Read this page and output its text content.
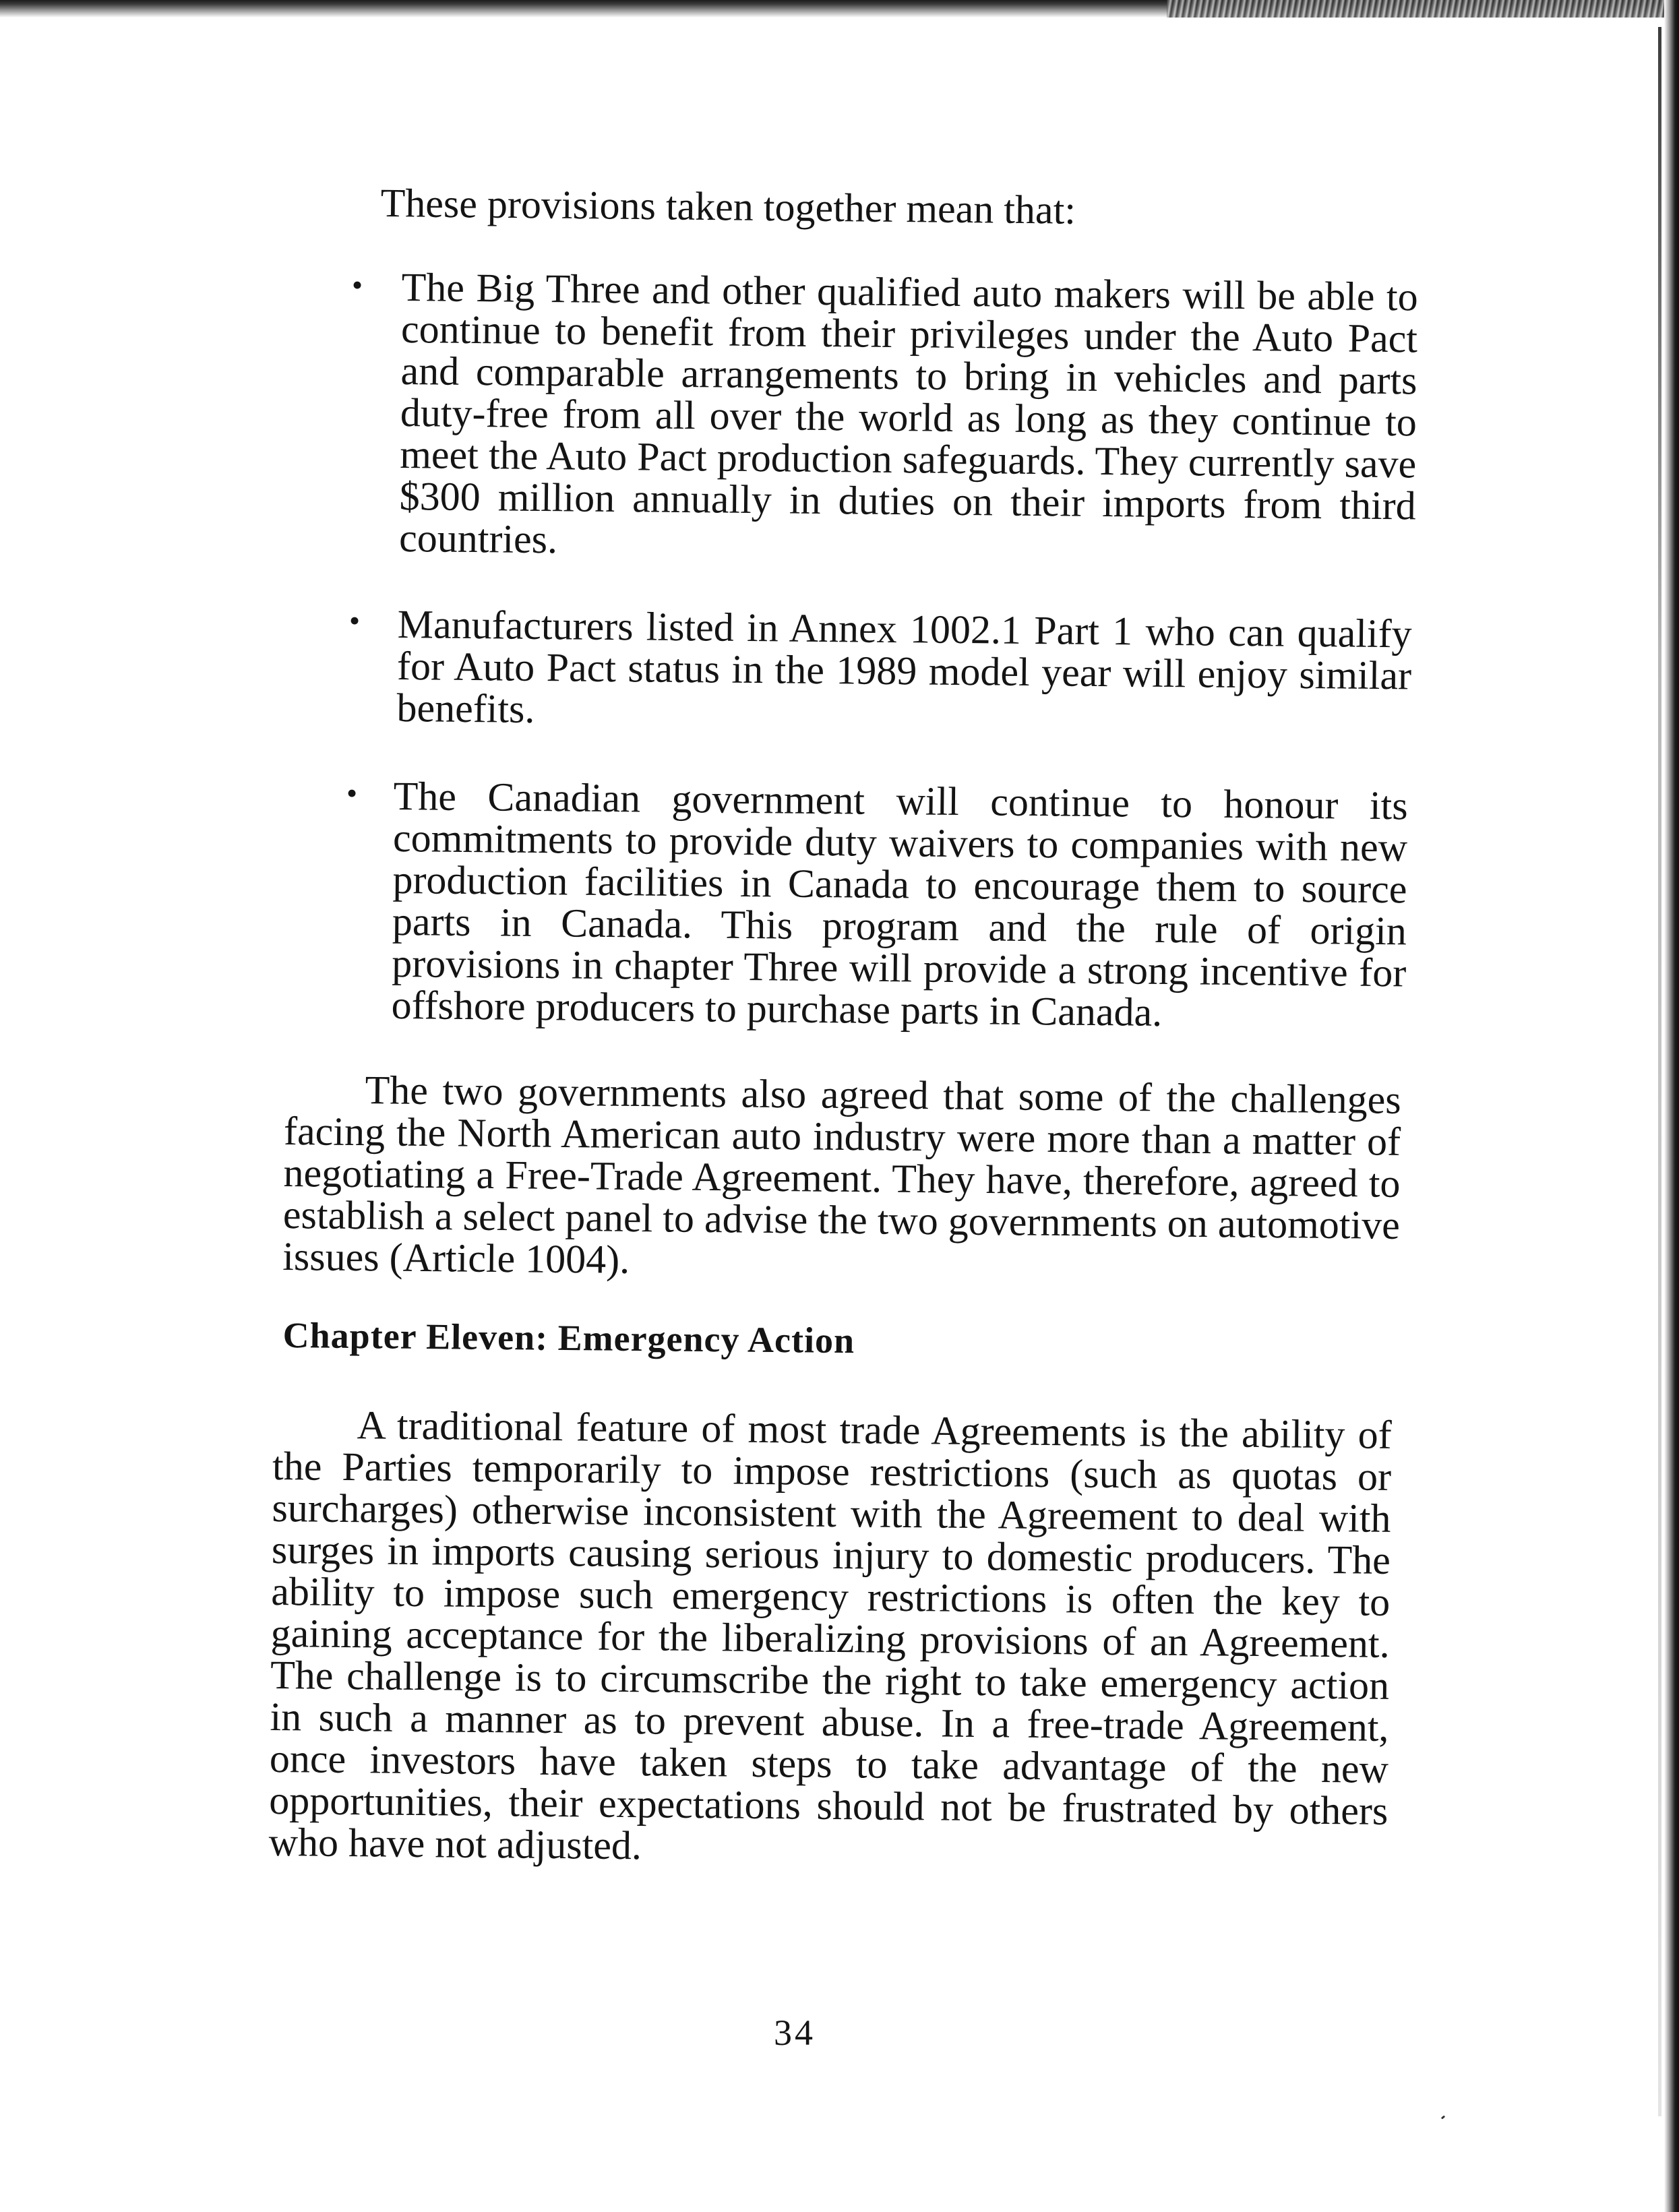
These provisions taken together mean that:

• The Big Three and other qualified auto makers will be able to continue to benefit from their privileges under the Auto Pact and comparable arrangements to bring in vehicles and parts duty-free from all over the world as long as they continue to meet the Auto Pact production safeguards. They currently save $300 million annually in duties on their imports from third countries.

• Manufacturers listed in Annex 1002.1 Part 1 who can qualify for Auto Pact status in the 1989 model year will enjoy similar benefits.

• The Canadian government will continue to honour its commitments to provide duty waivers to companies with new production facilities in Canada to encourage them to source parts in Canada. This program and the rule of origin provisions in chapter Three will provide a strong incentive for offshore producers to purchase parts in Canada.

The two governments also agreed that some of the challenges facing the North American auto industry were more than a matter of negotiating a Free-Trade Agreement. They have, therefore, agreed to establish a select panel to advise the two governments on automotive issues (Article 1004).

Chapter Eleven: Emergency Action

A traditional feature of most trade Agreements is the ability of the Parties temporarily to impose restrictions (such as quotas or surcharges) otherwise inconsistent with the Agreement to deal with surges in imports causing serious injury to domestic producers. The ability to impose such emergency restrictions is often the key to gaining acceptance for the liberalizing provisions of an Agreement. The challenge is to circumscribe the right to take emergency action in such a manner as to prevent abuse. In a free-trade Agreement, once investors have taken steps to take advantage of the new opportunities, their expectations should not be frustrated by others who have not adjusted.

34
